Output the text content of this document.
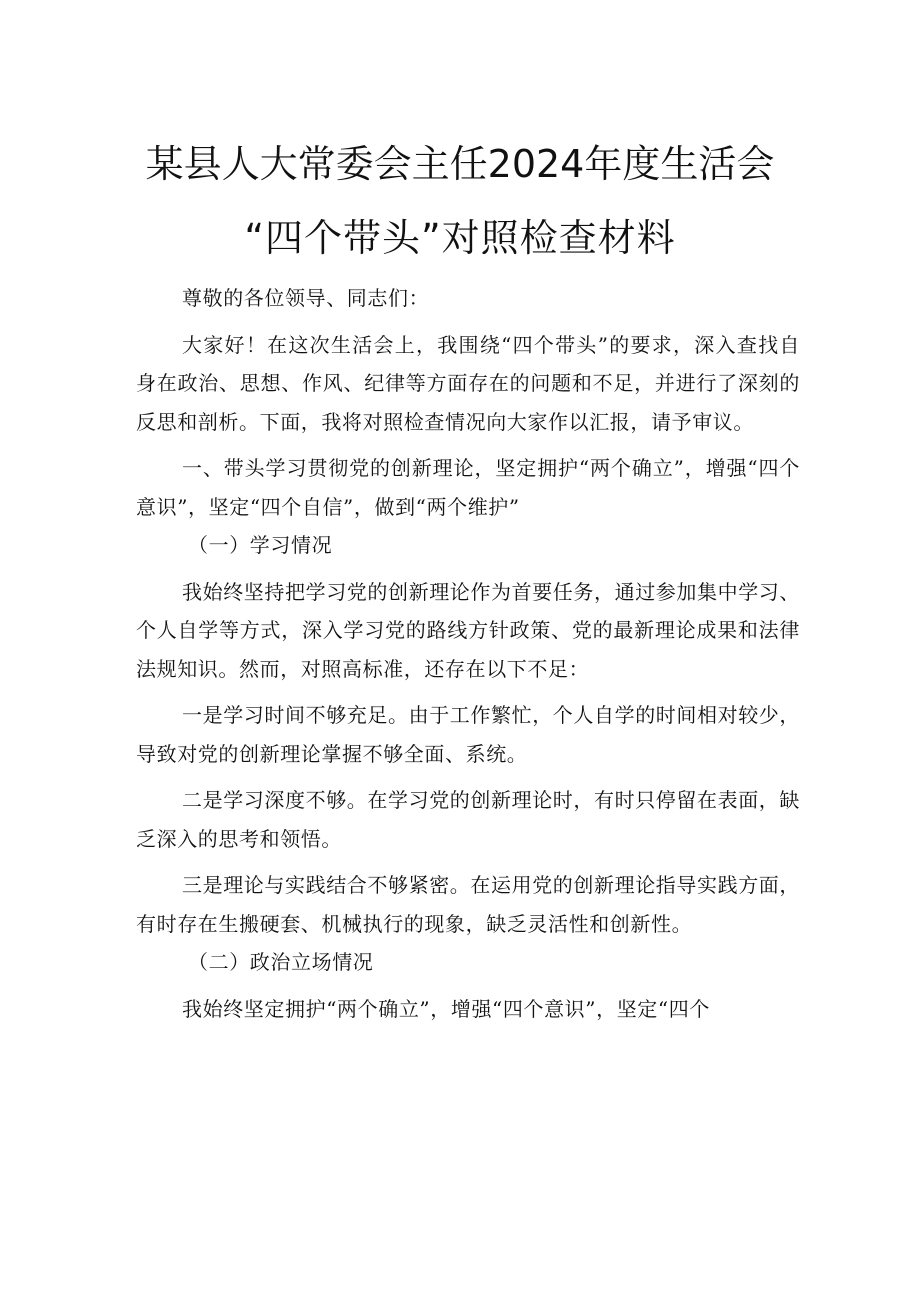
某县人大常委会主任2024年度生活会
“四个带头”对照检查材料

尊敬的各位领导、同志们：

大家好！在这次生活会上，我围绕“四个带头”的要求，深入查找自身在政治、思想、作风、纪律等方面存在的问题和不足，并进行了深刻的反思和剖析。下面，我将对照检查情况向大家作以汇报，请予审议。

一、带头学习贯彻党的创新理论，坚定拥护“两个确立”，增强“四个意识”，坚定“四个自信”，做到“两个维护”

（一）学习情况

我始终坚持把学习党的创新理论作为首要任务，通过参加集中学习、个人自学等方式，深入学习党的路线方针政策、党的最新理论成果和法律法规知识。然而，对照高标准，还存在以下不足：

一是学习时间不够充足。由于工作繁忙，个人自学的时间相对较少，导致对党的创新理论掌握不够全面、系统。

二是学习深度不够。在学习党的创新理论时，有时只停留在表面，缺乏深入的思考和领悟。

三是理论与实践结合不够紧密。在运用党的创新理论指导实践方面，有时存在生搬硬套、机械执行的现象，缺乏灵活性和创新性。

（二）政治立场情况

我始终坚定拥护“两个确立”，增强“四个意识”，坚定“四个
